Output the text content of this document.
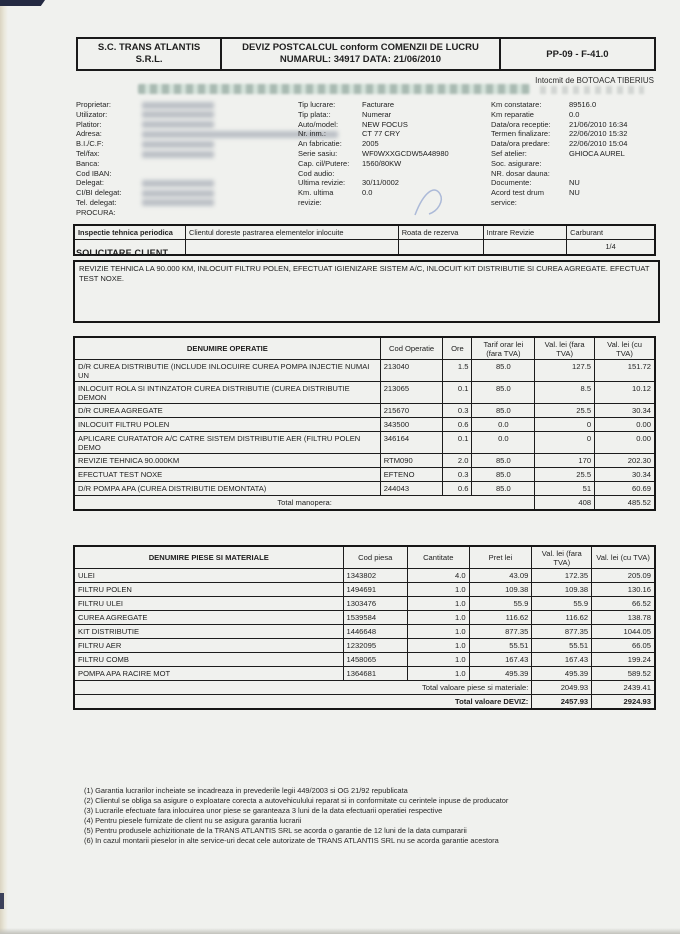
S.C. TRANS ATLANTIS
S.R.L.

DEVIZ POSTCALCUL conform COMENZII DE LUCRU
NUMARUL: 34917 DATA: 21/06/2010	PP-09 - F-41.0
Intocmit de BOTOACA TIBERIUS
Proprietar:
Utilizator:
Platitor:
Adresa:
B.I./C.F:
Tel/fax:
Banca:
Cod IBAN:
Delegat:
CI/BI delegat:
Tel. delegat:
PROCURA:
Tip lucrare:	Facturare
Tip plata::	Numerar
Auto/model:	NEW FOCUS
Nr. inm.:	CT 77 CRY
An fabricatie:	2005
Serie sasiu:	WF0WXXGCDW5A48980
Cap. cil/Putere: 1560/80KW
Cod audio:
Ultima revizie: 30/11/0002
Km. ultima	0.0
revizie:
Km constatare:	89516.0
Km reparatie	0.0
Data/ora receptie: 21/06/2010 16:34
Termen finalizare:	22/06/2010 15:32
Data/ora predare:	22/06/2010 15:04
Sef atelier:	GHIOCA AUREL
Soc. asigurare:
NR. dosar dauna:
Documente:	NU
Acord test drum	NU
service:
Inspectie tehnica periodica	Clientul doreste pastrarea elementelor inlocuite	Roata de rezerva	Intrare Revizie	Carburant
				1/4
SOLICITARE CLIENT
REVIZIE TEHNICA LA 90.000 KM, INLOCUIT FILTRU POLEN, EFECTUAT IGIENIZARE SISTEM A/C, INLOCUIT KIT DISTRIBUTIE SI CUREA AGREGATE. EFECTUAT TEST NOXE.
DENUMIRE OPERATIE	Cod Operatie	Ore	Tarif orar lei (fara TVA)	Val. lei (fara TVA)	Val. lei (cu TVA)
D/R CUREA DISTRIBUTIE (INCLUDE INLOCUIRE CUREA POMPA INJECTIE NUMAI UN	213040	1.5	85.0	127.5	151.72
INLOCUIT ROLA SI INTINZATOR CUREA DISTRIBUTIE (CUREA DISTRIBUTIE DEMON	213065	0.1	85.0	8.5	10.12
D/R CUREA AGREGATE	215670	0.3	85.0	25.5	30.34
INLOCUIT FILTRU POLEN	343500	0.6	0.0	0	0.00
APLICARE CURATATOR A/C CATRE SISTEM DISTRIBUTIE AER (FILTRU POLEN DEMO	346164	0.1	0.0	0	0.00
REVIZIE TEHNICA 90.000KM	RTM090	2.0	85.0	170	202.30
EFECTUAT TEST NOXE	EFTENO	0.3	85.0	25.5	30.34
D/R POMPA APA (CUREA DISTRIBUTIE DEMONTATA)	244043	0.6	85.0	51	60.69
Total manopera:				408	485.52
DENUMIRE PIESE SI MATERIALE	Cod piesa	Cantitate	Pret lei	Val. lei (fara TVA)	Val. lei (cu TVA)
ULEI	1343802	4.0	43.09	172.35	205.09
FILTRU POLEN	1494691	1.0	109.38	109.38	130.16
FILTRU ULEI	1303476	1.0	55.9	55.9	66.52
CUREA AGREGATE	1539584	1.0	116.62	116.62	138.78
KIT DISTRIBUTIE	1446648	1.0	877.35	877.35	1044.05
FILTRU AER	1232095	1.0	55.51	55.51	66.05
FILTRU COMB	1458065	1.0	167.43	167.43	199.24
POMPA APA RACIRE MOT	1364681	1.0	495.39	495.39	589.52
Total valoare piese si materiale:				2049.93	2439.41
Total valoare DEVIZ:				2457.93	2924.93
(1) Garantia lucrarilor incheiate se incadreaza in prevederile legii 449/2003 si OG 21/92 republicata
(2) Clientul se obliga sa asigure o exploatare corecta a autovehiculului reparat si in conformitate cu cerintele inpuse de producator
(3) Lucrarile efectuate fara inlocuirea unor piese se garanteaza 3 luni de la data efectuarii operatiei respective
(4) Pentru piesele furnizate de client nu se asigura garantia lucrarii
(5) Pentru produsele achizitionate de la TRANS ATLANTIS SRL se acorda o garantie de 12 luni de la data cumpararii
(6) In cazul montarii pieselor in alte service-uri decat cele autorizate de TRANS ATLANTIS SRL nu se acorda garantie acestora
